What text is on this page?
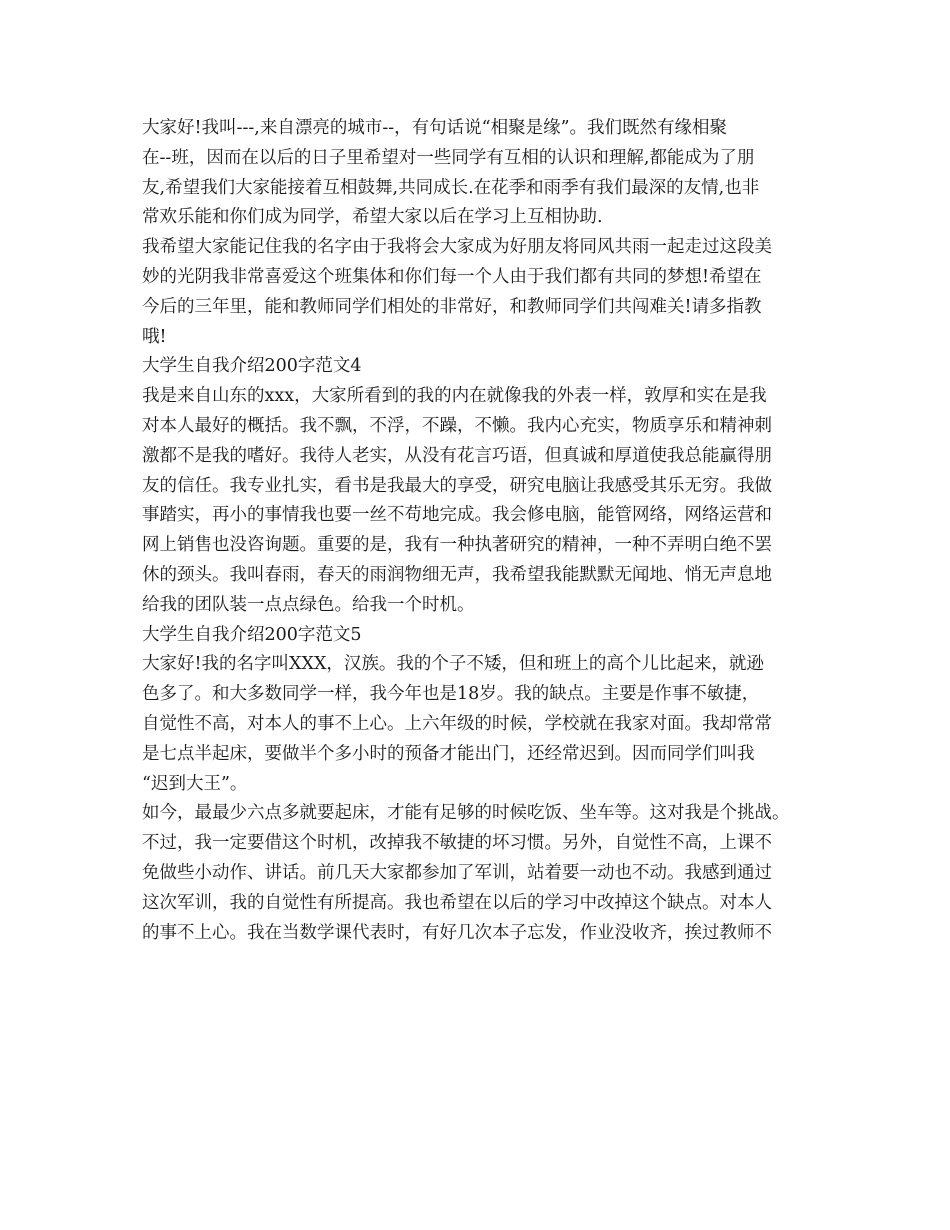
大家好!我叫---,来自漂亮的城市--，有句话说“相聚是缘”。我们既然有缘相聚
在--班，因而在以后的日子里希望对一些同学有互相的认识和理解,都能成为了朋
友,希望我们大家能接着互相鼓舞,共同成长.在花季和雨季有我们最深的友情,也非
常欢乐能和你们成为同学，希望大家以后在学习上互相协助.
我希望大家能记住我的名字由于我将会大家成为好朋友将同风共雨一起走过这段美
妙的光阴我非常喜爱这个班集体和你们每一个人由于我们都有共同的梦想!希望在
今后的三年里，能和教师同学们相处的非常好，和教师同学们共闯难关!请多指教
哦!
大学生自我介绍200字范文4
我是来自山东的xxx，大家所看到的我的内在就像我的外表一样，敦厚和实在是我
对本人最好的概括。我不飘，不浮，不躁，不懒。我内心充实，物质享乐和精神刺
激都不是我的嗜好。我待人老实，从没有花言巧语，但真诚和厚道使我总能赢得朋
友的信任。我专业扎实，看书是我最大的享受，研究电脑让我感受其乐无穷。我做
事踏实，再小的事情我也要一丝不苟地完成。我会修电脑，能管网络，网络运营和
网上销售也没咨询题。重要的是，我有一种执著研究的精神，一种不弄明白绝不罢
休的颈头。我叫春雨，春天的雨润物细无声，我希望我能默默无闻地、悄无声息地
给我的团队装一点点绿色。给我一个时机。
大学生自我介绍200字范文5
大家好!我的名字叫XXX，汉族。我的个子不矮，但和班上的高个儿比起来，就逊
色多了。和大多数同学一样，我今年也是18岁。我的缺点。主要是作事不敏捷，
自觉性不高，对本人的事不上心。上六年级的时候，学校就在我家对面。我却常常
是七点半起床，要做半个多小时的预备才能出门，还经常迟到。因而同学们叫我
“迟到大王”。
如今，最最少六点多就要起床，才能有足够的时候吃饭、坐车等。这对我是个挑战。
不过，我一定要借这个时机，改掉我不敏捷的坏习惯。另外，自觉性不高，上课不
免做些小动作、讲话。前几天大家都参加了军训，站着要一动也不动。我感到通过
这次军训，我的自觉性有所提高。我也希望在以后的学习中改掉这个缺点。对本人
的事不上心。我在当数学课代表时，有好几次本子忘发，作业没收齐，挨过教师不
